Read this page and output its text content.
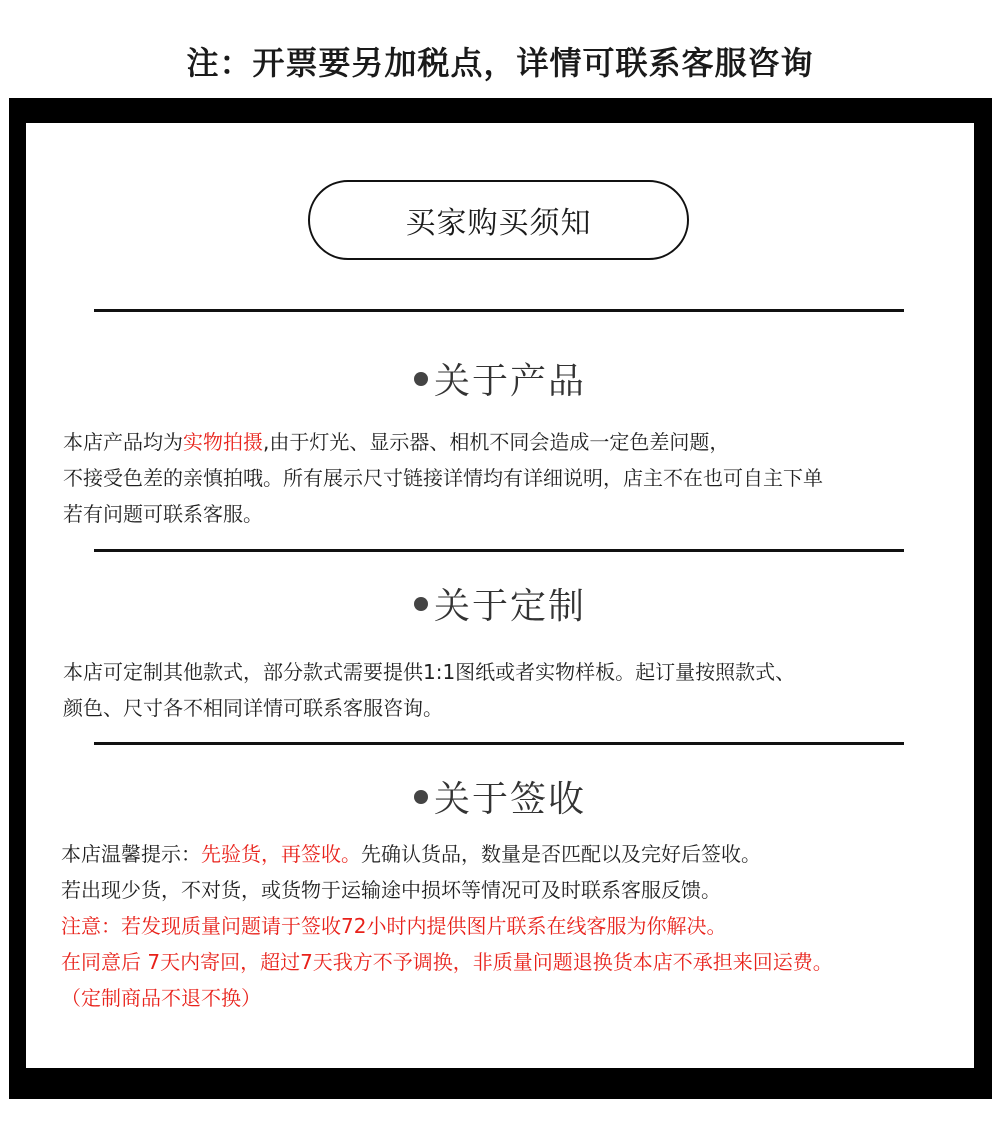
注：开票要另加税点，详情可联系客服咨询
买家购买须知
关于产品
本店产品均为实物拍摄,由于灯光、显示器、相机不同会造成一定色差问题，
不接受色差的亲慎拍哦。所有展示尺寸链接详情均有详细说明，店主不在也可自主下单
若有问题可联系客服。
关于定制
本店可定制其他款式，部分款式需要提供1:1图纸或者实物样板。起订量按照款式、
颜色、尺寸各不相同详情可联系客服咨询。
关于签收
本店温馨提示：先验货，再签收。先确认货品，数量是否匹配以及完好后签收。
若出现少货，不对货，或货物于运输途中损坏等情况可及时联系客服反馈。
注意：若发现质量问题请于签收72小时内提供图片联系在线客服为你解决。
在同意后 7天内寄回，超过7天我方不予调换，非质量问题退换货本店不承担来回运费。
（定制商品不退不换）
